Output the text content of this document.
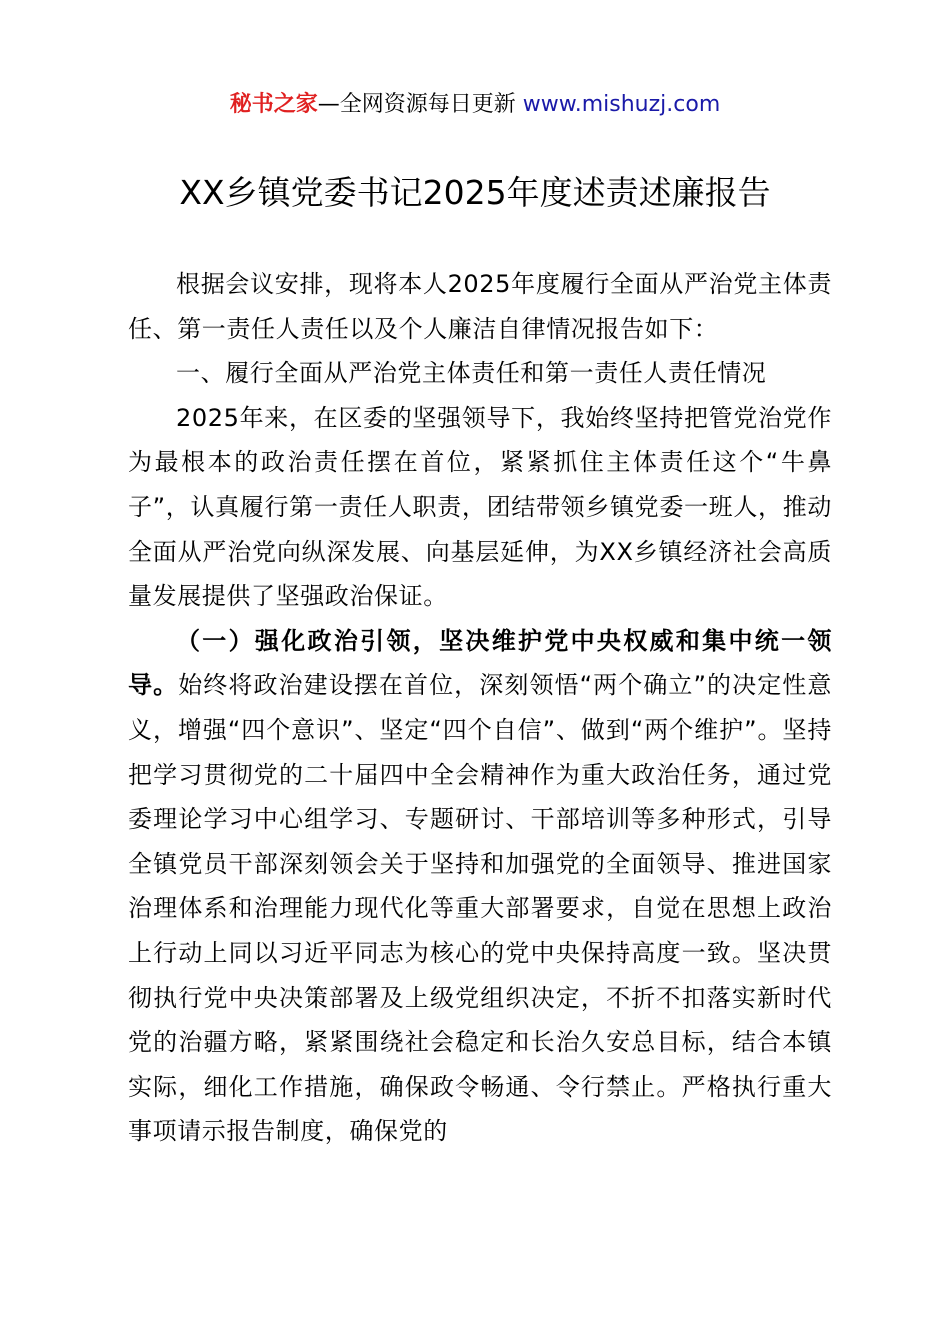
秘书之家—全网资源每日更新 www.mishuzj.com
XX乡镇党委书记2025年度述责述廉报告

根据会议安排，现将本人2025年度履行全面从严治党主体责任、第一责任人责任以及个人廉洁自律情况报告如下：

一、履行全面从严治党主体责任和第一责任人责任情况

2025年来，在区委的坚强领导下，我始终坚持把管党治党作为最根本的政治责任摆在首位，紧紧抓住主体责任这个“牛鼻子”，认真履行第一责任人职责，团结带领乡镇党委一班人，推动全面从严治党向纵深发展、向基层延伸，为XX乡镇经济社会高质量发展提供了坚强政治保证。

（一）强化政治引领，坚决维护党中央权威和集中统一领导。始终将政治建设摆在首位，深刻领悟“两个确立”的决定性意义，增强“四个意识”、坚定“四个自信”、做到“两个维护”。坚持把学习贯彻党的二十届四中全会精神作为重大政治任务，通过党委理论学习中心组学习、专题研讨、干部培训等多种形式，引导全镇党员干部深刻领会关于坚持和加强党的全面领导、推进国家治理体系和治理能力现代化等重大部署要求，自觉在思想上政治上行动上同以习近平同志为核心的党中央保持高度一致。坚决贯彻执行党中央决策部署及上级党组织决定，不折不扣落实新时代党的治疆方略，紧紧围绕社会稳定和长治久安总目标，结合本镇实际，细化工作措施，确保政令畅通、令行禁止。严格执行重大事项请示报告制度，确保党的
